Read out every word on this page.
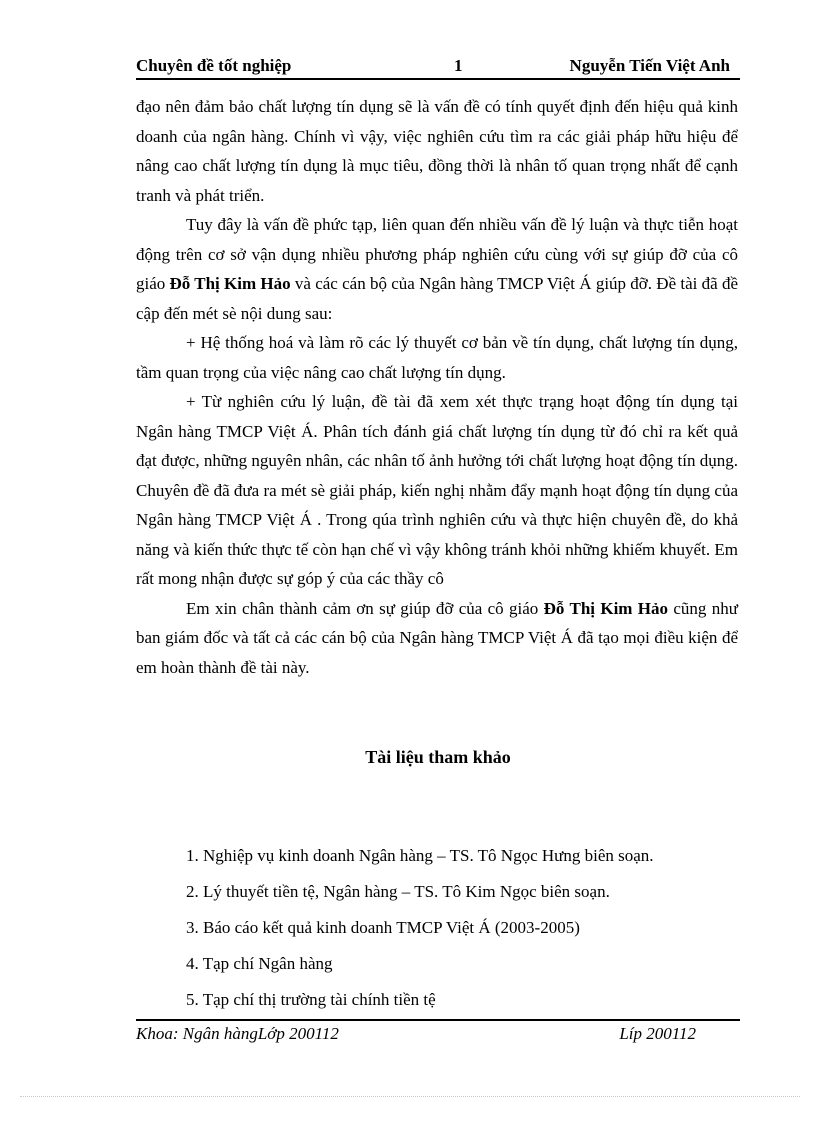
Chuyên đề tốt nghiệp	1	Nguyễn Tiến Việt Anh

đạo nên đảm bảo chất lượng tín dụng sẽ là vấn đề có tính quyết định đến hiệu quả kinh doanh của ngân hàng. Chính vì vậy, việc nghiên cứu tìm ra các giải pháp hữu hiệu để nâng cao chất lượng tín dụng là mục tiêu, đồng thời là nhân tố quan trọng nhất để cạnh tranh và phát triển.

Tuy đây là vấn đề phức tạp, liên quan đến nhiều vấn đề lý luận và thực tiễn hoạt động trên cơ sở vận dụng nhiều phương pháp nghiên cứu cùng với sự giúp đỡ của cô giáo Đỗ Thị Kim Hảo và các cán bộ của Ngân hàng TMCP Việt Á giúp đỡ. Đề tài đã đề cập đến mét sè nội dung sau:

+ Hệ thống hoá và làm rõ các lý thuyết cơ bản về tín dụng, chất lượng tín dụng, tầm quan trọng của việc nâng cao chất lượng tín dụng.

+ Từ nghiên cứu lý luận, đề tài đã xem xét thực trạng hoạt động tín dụng tại Ngân hàng TMCP Việt Á. Phân tích đánh giá chất lượng tín dụng từ đó chỉ ra kết quả đạt được, những nguyên nhân, các nhân tố ảnh hưởng tới chất lượng hoạt động tín dụng. Chuyên đề đã đưa ra mét sè giải pháp, kiến nghị nhằm đẩy mạnh hoạt động tín dụng của Ngân hàng TMCP Việt Á . Trong qúa trình nghiên cứu và thực hiện chuyên đề, do khả năng và kiến thức thực tế còn hạn chế vì vậy không tránh khỏi những khiếm khuyết. Em rất mong nhận được sự góp ý của các thầy cô

Em xin chân thành cảm ơn sự giúp đỡ của cô giáo Đỗ Thị Kim Hảo cũng như ban giám đốc và tất cả các cán bộ của Ngân hàng TMCP Việt Á đã tạo mọi điều kiện để em hoàn thành đề tài này.

Tài liệu tham khảo
1. Nghiệp vụ kinh doanh Ngân hàng – TS. Tô Ngọc Hưng biên soạn.
2. Lý thuyết tiền tệ, Ngân hàng – TS. Tô Kim Ngọc biên soạn.
3. Báo cáo kết quả kinh doanh TMCP Việt Á (2003-2005)
4. Tạp chí Ngân hàng
5. Tạp chí thị trường tài chính tiền tệ
Khoa: Ngân hàngLớp 200112	Líp 200112
